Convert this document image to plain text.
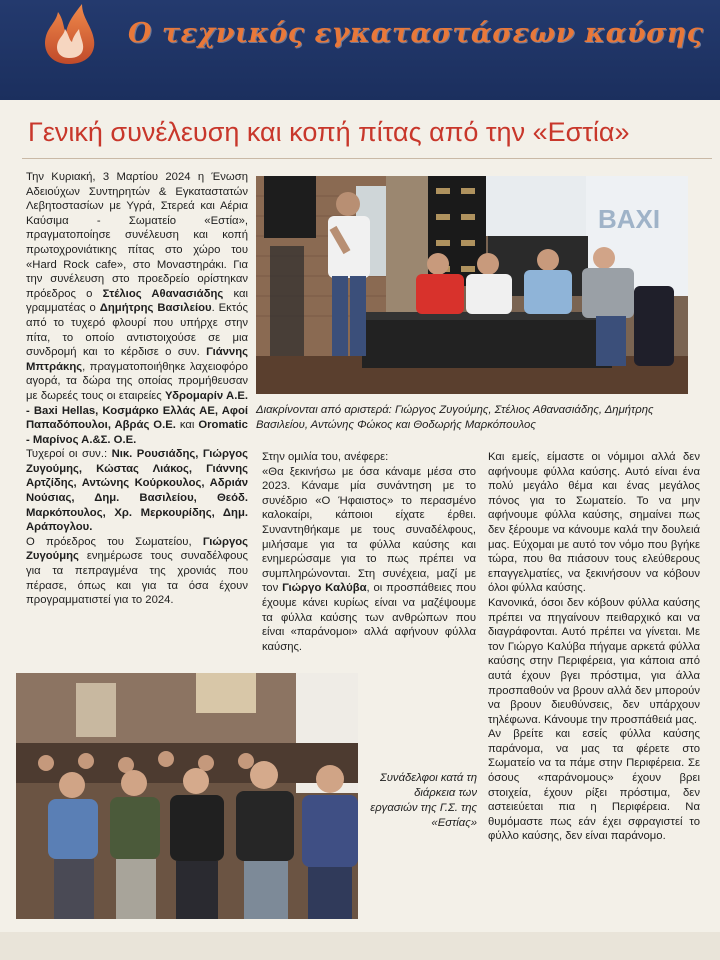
Ο τεχνικός εγκαταστάσεων καύσης
Γενική συνέλευση και κοπή πίτας από την «Εστία»

Την Κυριακή, 3 Μαρτίου 2024 η Ένωση Αδειούχων Συντηρητών & Εγκαταστατών Λεβητοστασίων με Υγρά, Στερεά και Αέρια Καύσιμα - Σωματείο «Εστία», πραγματοποίησε συνέλευση και κοπή πρωτοχρονιάτικης πίτας στο χώρο του «Hard Rock cafe», στο Μοναστηράκι. Για την συνέλευση στο προεδρείο ορίστηκαν πρόεδρος ο Στέλιος Αθανασιάδης και γραμματέας ο Δημήτρης Βασιλείου. Εκτός από το τυχερό φλουρί που υπήρχε στην πίτα, το οποίο αντιστοιχούσε σε μια συνδρομή και το κέρδισε ο συν. Γιάννης Μπτράκης, πραγματοποιήθηκε λαχειοφόρο αγορά, τα δώρα της οποίας προμήθευσαν με δωρεές τους οι εταιρείες Υδρομαρίν Α.Ε. - Baxi Hellas, Κοσμάρκο Ελλάς ΑΕ, Αφοί Παπαδόπουλοι, Αβράς Ο.Ε. και Oromatic - Μαρίνος Α.&Σ. Ο.Ε.

Τυχεροί οι συν.: Νικ. Ρουσιάδης, Γιώργος Ζυγούμης, Κώστας Λιάκος, Γιάννης Αρτζίδης, Αντώνης Κούρκουλος, Αδριάν Νούσιας, Δημ. Βασιλείου, Θεόδ. Μαρκόπουλος, Χρ. Μερκουρίδης, Δημ. Αράπογλου.

Ο πρόεδρος του Σωματείου, Γιώργος Ζυγούμης ενημέρωσε τους συναδέλφους για τα πεπραγμένα της χρονιάς που πέρασε, όπως και για τα όσα έχουν προγραμματιστεί για το 2024.

BAXI
Διακρίνονται από αριστερά: Γιώργος Ζυγούμης, Στέλιος Αθανασιάδης, Δημήτρης Βασιλείου, Αντώνης Φώκος και Θοδωρής Μαρκόπουλος

Στην ομιλία του, ανέφερε:

«Θα ξεκινήσω με όσα κάναμε μέσα στο 2023. Κάναμε μία συνάντηση με το συνέδριο «Ο Ήφαιστος» το περασμένο καλοκαίρι, κάποιοι είχατε έρθει. Συναντηθήκαμε με τους συναδέλφους, μιλήσαμε για τα φύλλα καύσης και ενημερώσαμε για το πως πρέπει να συμπληρώνονται. Στη συνέχεια, μαζί με τον Γιώργο Καλύβα, οι προσπάθειες που έχουμε κάνει κυρίως είναι να μαζέψουμε τα φύλλα καύσης των ανθρώπων που είναι «παράνομοι» αλλά αφήνουν φύλλα καύσης.

Και εμείς, είμαστε οι νόμιμοι αλλά δεν αφήνουμε φύλλα καύσης. Αυτό είναι ένα πολύ μεγάλο θέμα και ένας μεγάλος πόνος για το Σωματείο. Το να μην αφήνουμε φύλλα καύσης, σημαίνει πως δεν ξέρουμε να κάνουμε καλά την δουλειά μας. Εύχομαι με αυτό τον νόμο που βγήκε τώρα, που θα πιάσουν τους ελεύθερους επαγγελματίες, να ξεκινήσουν να κόβουν όλοι φύλλα καύσης.

Κανονικά, όσοι δεν κόβουν φύλλα καύσης πρέπει να πηγαίνουν πειθαρχικό και να διαγράφονται. Αυτό πρέπει να γίνεται. Με τον Γιώργο Καλύβα πήγαμε αρκετά φύλλα καύσης στην Περιφέρεια, για κάποια από αυτά έχουν βγει πρόστιμα, για άλλα προσπαθούν να βρουν αλλά δεν μπορούν να βρουν διευθύνσεις, δεν υπάρχουν τηλέφωνα. Κάνουμε την προσπάθειά μας.

Αν βρείτε και εσείς φύλλα καύσης παράνομα, να μας τα φέρετε στο Σωματείο να τα πάμε στην Περιφέρεια. Σε όσους «παράνομους» έχουν βρει στοιχεία, έχουν ρίξει πρόστιμα, δεν αστειεύεται πια η Περιφέρεια. Να θυμόμαστε πως εάν έχει σφραγιστεί το φύλλο καύσης, δεν είναι παράνομο.

Συνάδελφοι κατά τη διάρκεια των εργασιών της Γ.Σ. της «Εστίας»
